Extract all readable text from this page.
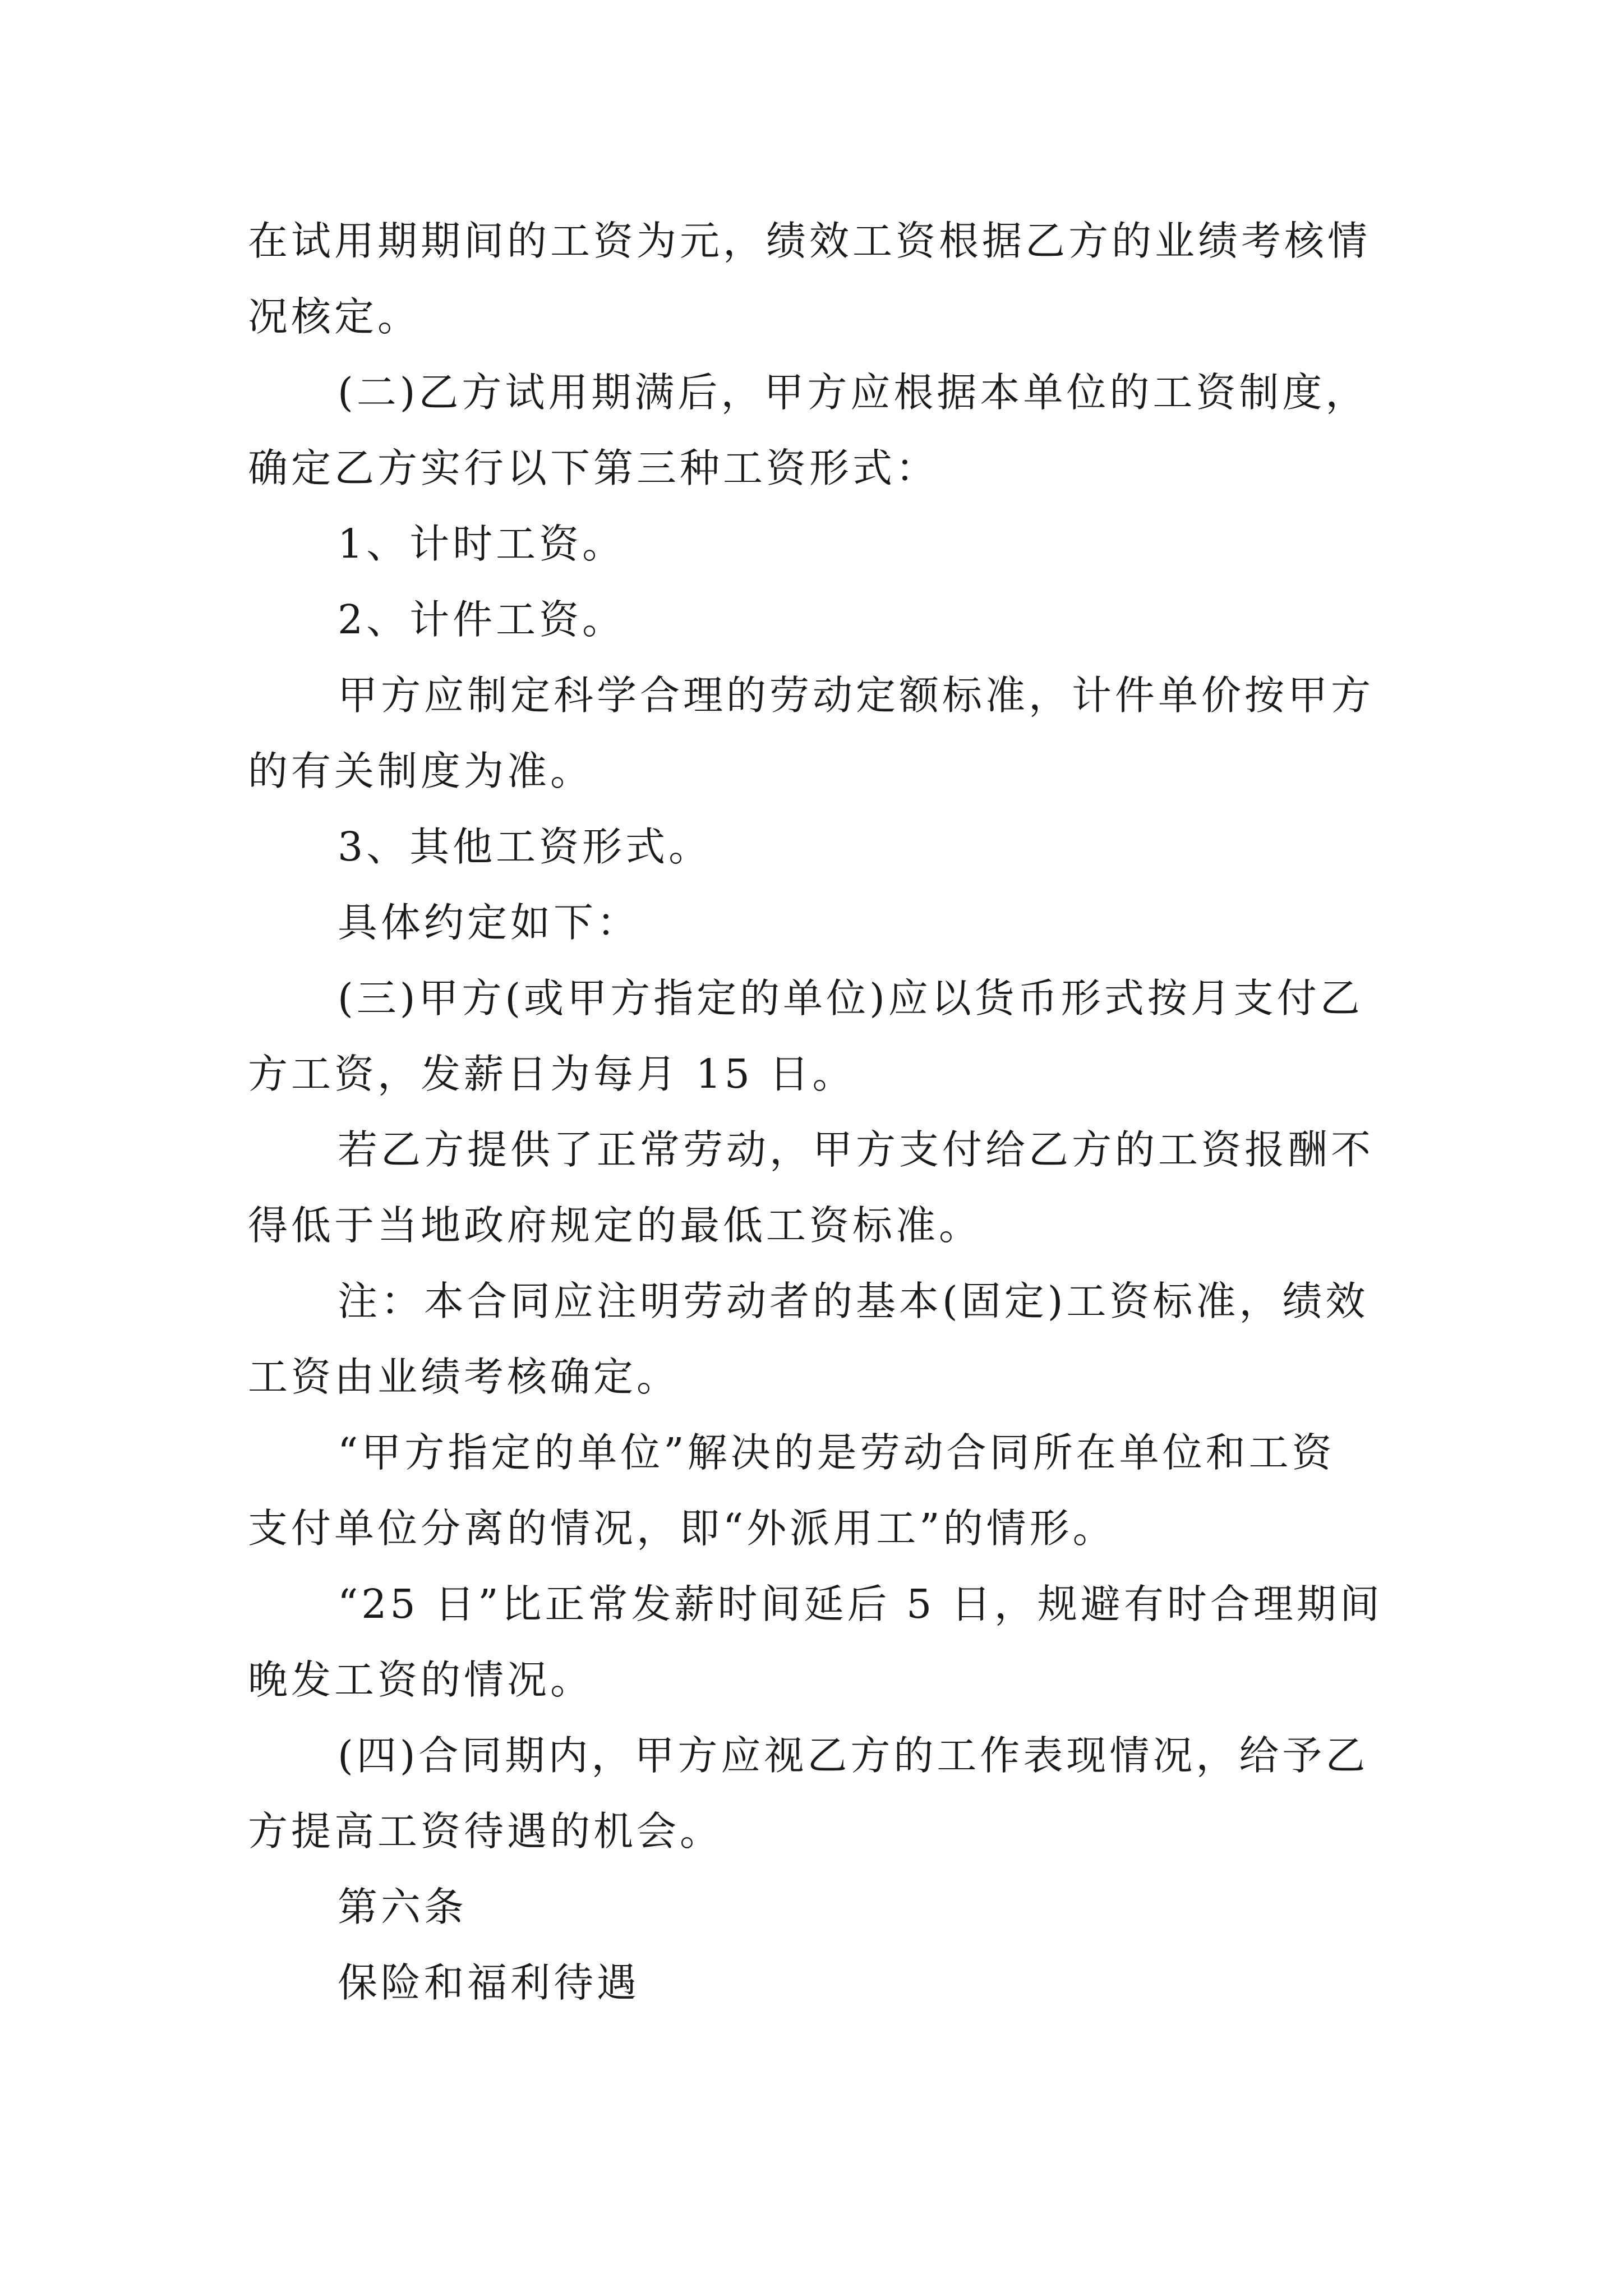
在试用期期间的工资为元，绩效工资根据乙方的业绩考核情
况核定。
(二)乙方试用期满后，甲方应根据本单位的工资制度，
确定乙方实行以下第三种工资形式：
1、计时工资。
2、计件工资。
甲方应制定科学合理的劳动定额标准，计件单价按甲方
的有关制度为准。
3、其他工资形式。
具体约定如下：
(三)甲方(或甲方指定的单位)应以货币形式按月支付乙
方工资，发薪日为每月 15 日。
若乙方提供了正常劳动，甲方支付给乙方的工资报酬不
得低于当地政府规定的最低工资标准。
注：本合同应注明劳动者的基本(固定)工资标准，绩效
工资由业绩考核确定。
“甲方指定的单位”解决的是劳动合同所在单位和工资
支付单位分离的情况，即“外派用工”的情形。
“25 日”比正常发薪时间延后 5 日，规避有时合理期间
晚发工资的情况。
(四)合同期内，甲方应视乙方的工作表现情况，给予乙
方提高工资待遇的机会。
第六条
保险和福利待遇
